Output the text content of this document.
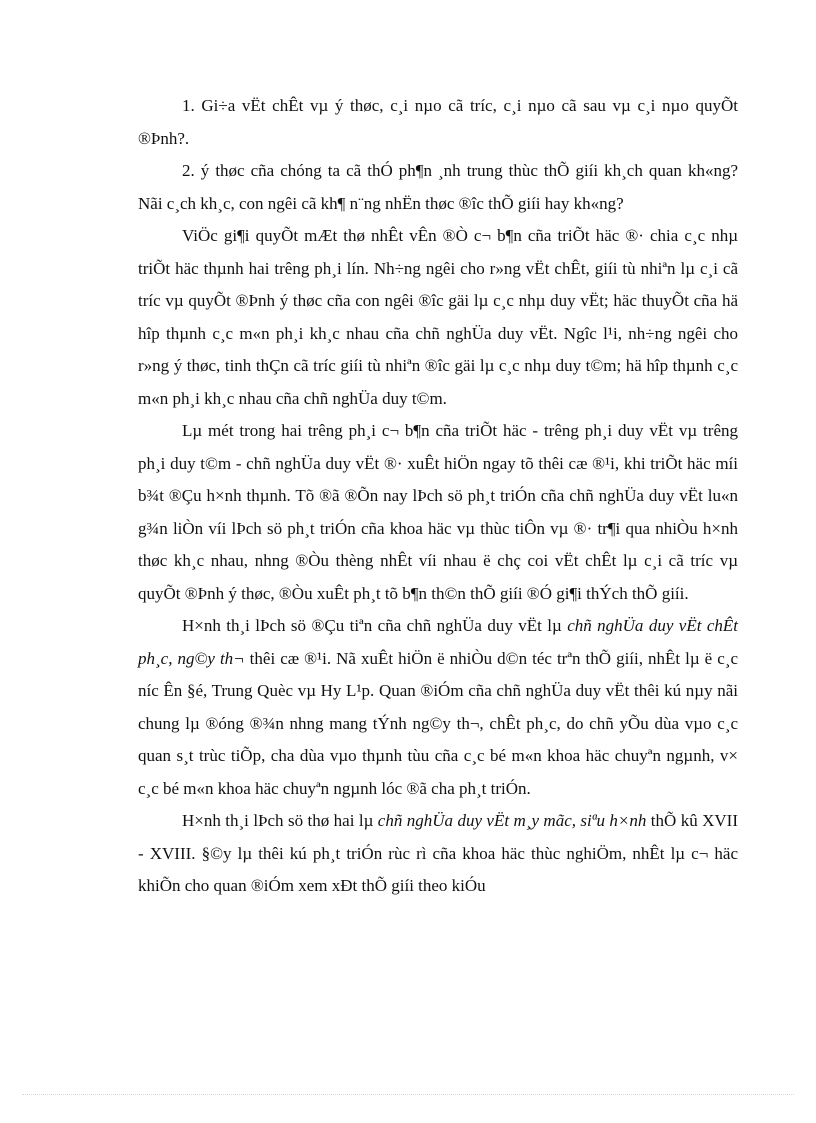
1. Gi÷a vËt chÊt vµ ý thøc, c¸i nµo cã tríc, c¸i nµo cã sau vµ c¸i nµo quyÕt ®Þnh?.

2. ý thøc cña chóng ta cã thÓ ph¶n ¸nh trung thùc thÕ giíi kh¸ch quan kh«ng? Nãi c¸ch kh¸c, con ngêi cã kh¶ n¨ng nhËn thøc ®îc thÕ giíi hay kh«ng?

ViÖc gi¶i quyÕt mÆt thø nhÊt vÊn ®Ò c¬ b¶n cña triÕt häc ®· chia c¸c nhµ triÕt häc thµnh hai trêng ph¸i lín. Nh÷ng ngêi cho r»ng vËt chÊt, giíi tù nhiªn lµ c¸i cã tríc vµ quyÕt ®Þnh ý thøc cña con ngêi ®îc gäi lµ c¸c nhµ duy vËt; häc thuyÕt cña hä hîp thµnh c¸c m«n ph¸i kh¸c nhau cña chñ nghÜa duy vËt. Ngîc l¹i, nh÷ng ngêi cho r»ng ý thøc, tinh thÇn cã tríc giíi tù nhiªn ®îc gäi lµ c¸c nhµ duy t©m; hä hîp thµnh c¸c m«n ph¸i kh¸c nhau cña chñ nghÜa duy t©m.

Lµ mét trong hai trêng ph¸i c¬ b¶n cña triÕt häc - trêng ph¸i duy vËt vµ trêng ph¸i duy t©m - chñ nghÜa duy vËt ®· xuÊt hiÖn ngay tõ thêi cæ ®¹i, khi triÕt häc míi b¾t ®Çu h×nh thµnh. Tõ ®ã ®Õn nay lÞch sö ph¸t triÓn cña chñ nghÜa duy vËt lu«n g¾n liÒn víi lÞch sö ph¸t triÓn cña khoa häc vµ thùc tiÔn vµ ®· tr¶i qua nhiÒu h×nh thøc kh¸c nhau, nhng ®Òu thèng nhÊt víi nhau ë chç coi vËt chÊt lµ c¸i cã tríc vµ quyÕt ®Þnh ý thøc, ®Òu xuÊt ph¸t tõ b¶n th©n thÕ giíi ®Ó gi¶i thÝch thÕ giíi.

H×nh th¸i lÞch sö ®Çu tiªn cña chñ nghÜa duy vËt lµ chñ nghÜa duy vËt chÊt ph¸c, ng©y th¬ thêi cæ ®¹i. Nã xuÊt hiÖn ë nhiÒu d©n téc trªn thÕ giíi, nhÊt lµ ë c¸c níc Ên §é, Trung Quèc vµ Hy L¹p. Quan ®iÓm cña chñ nghÜa duy vËt thêi kú nµy nãi chung lµ ®óng ®¾n nhng mang tÝnh ng©y th¬, chÊt ph¸c, do chñ yÕu dùa vµo c¸c quan s¸t trùc tiÕp, cha dùa vµo thµnh tùu cña c¸c bé m«n khoa häc chuyªn ngµnh, v× c¸c bé m«n khoa häc chuyªn ngµnh lóc ®ã cha ph¸t triÓn.

H×nh th¸i lÞch sö thø hai lµ chñ nghÜa duy vËt m¸y mãc, siªu h×nh thÕ kû XVII - XVIII. §©y lµ thêi kú ph¸t triÓn rùc rì cña khoa häc thùc nghiÖm, nhÊt lµ c¬ häc khiÕn cho quan ®iÓm xem xÐt thÕ giíi theo kiÓu
